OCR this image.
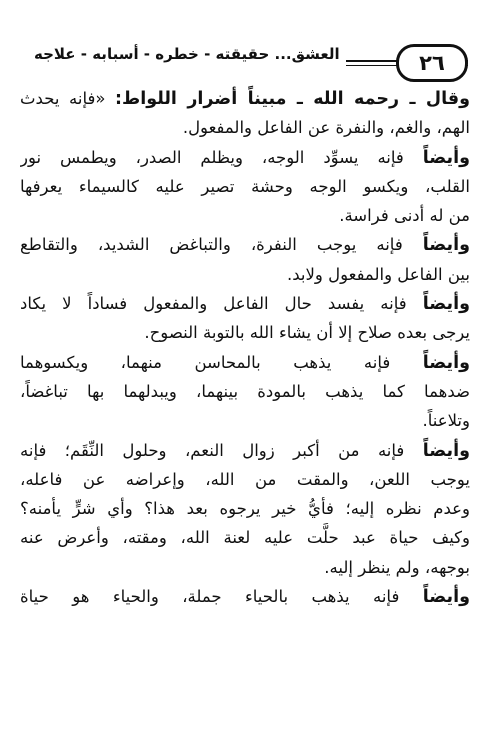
٢٦
العشق... حقيقته - خطره - أسبابه - علاجه
وقال ـ رحمه الله ـ مبيناً أضرار اللواط: «فإنه يحدث
الهم، والغم، والنفرة عن الفاعل والمفعول.
وأيضاً فإنه يسوِّد الوجه، ويظلم الصدر، ويطمس نور
القلب، ويكسو الوجه وحشة تصير عليه كالسيماء يعرفها
من له أدنى فراسة.
وأيضاً فإنه يوجب النفرة، والتباغض الشديد، والتقاطع
بين الفاعل والمفعول ولابد.
وأيضاً فإنه يفسد حال الفاعل والمفعول فساداً لا يكاد
يرجى بعده صلاح إلا أن يشاء الله بالتوبة النصوح.
وأيضاً فإنه يذهب بالمحاسن منهما، ويكسوهما
ضدهما كما يذهب بالمودة بينهما، ويبدلهما بها تباغضاً،
وتلاعناً.
وأيضاً فإنه من أكبر زوال النعم، وحلول النِّقَم؛ فإنه
يوجب اللعن، والمقت من الله، وإعراضه عن فاعله،
وعدم نظره إليه؛ فأيُّ خير يرجوه بعد هذا؟ وأي شرٍّ يأمنه؟
وكيف حياة عبد حلَّت عليه لعنة الله، ومقته، وأعرض عنه
بوجهه، ولم ينظر إليه.
وأيضاً فإنه يذهب بالحياء جملة، والحياء هو حياة
